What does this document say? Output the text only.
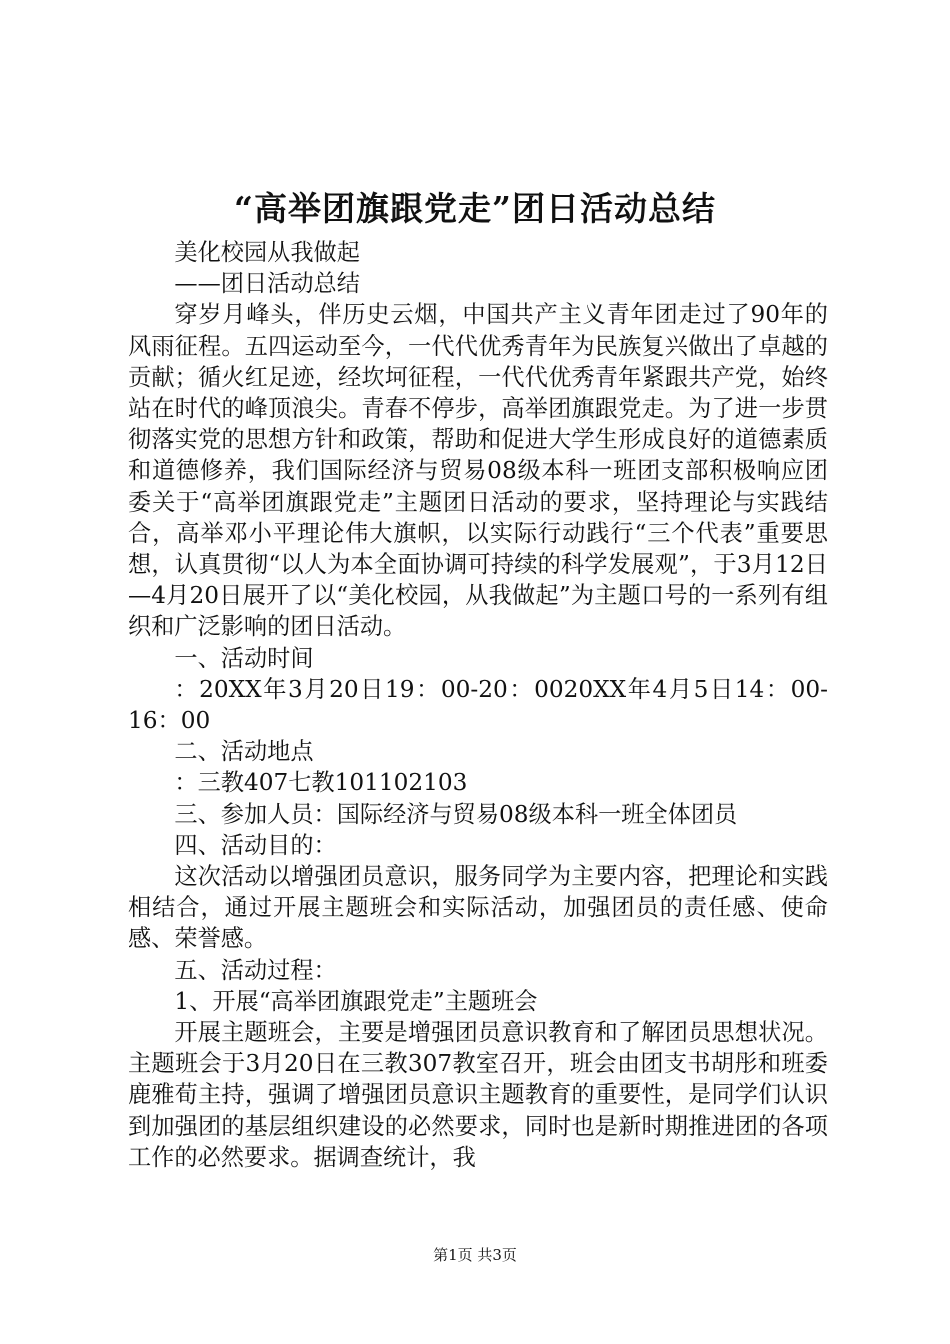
“高举团旗跟党走”团日活动总结

美化校园从我做起

——团日活动总结

穿岁月峰头，伴历史云烟，中国共产主义青年团走过了90年的风雨征程。五四运动至今，一代代优秀青年为民族复兴做出了卓越的贡献；循火红足迹，经坎坷征程，一代代优秀青年紧跟共产党，始终站在时代的峰顶浪尖。青春不停步，高举团旗跟党走。为了进一步贯彻落实党的思想方针和政策，帮助和促进大学生形成良好的道德素质和道德修养，我们国际经济与贸易08级本科一班团支部积极响应团委关于“高举团旗跟党走”主题团日活动的要求，坚持理论与实践结合，高举邓小平理论伟大旗帜，以实际行动践行“三个代表”重要思想，认真贯彻“以人为本全面协调可持续的科学发展观”，于3月12日—4月20日展开了以“美化校园，从我做起”为主题口号的一系列有组织和广泛影响的团日活动。

一、活动时间

：20XX年3月20日19：00-20：0020XX年4月5日14：00-16：00

二、活动地点

：三教407七教101102103

三、参加人员：国际经济与贸易08级本科一班全体团员

四、活动目的：

这次活动以增强团员意识，服务同学为主要内容，把理论和实践相结合，通过开展主题班会和实际活动，加强团员的责任感、使命感、荣誉感。

五、活动过程：

1、开展“高举团旗跟党走”主题班会

开展主题班会，主要是增强团员意识教育和了解团员思想状况。主题班会于3月20日在三教307教室召开，班会由团支书胡彤和班委鹿雅荀主持，强调了增强团员意识主题教育的重要性，是同学们认识到加强团的基层组织建设的必然要求，同时也是新时期推进团的各项工作的必然要求。据调查统计，我

第1页 共3页
